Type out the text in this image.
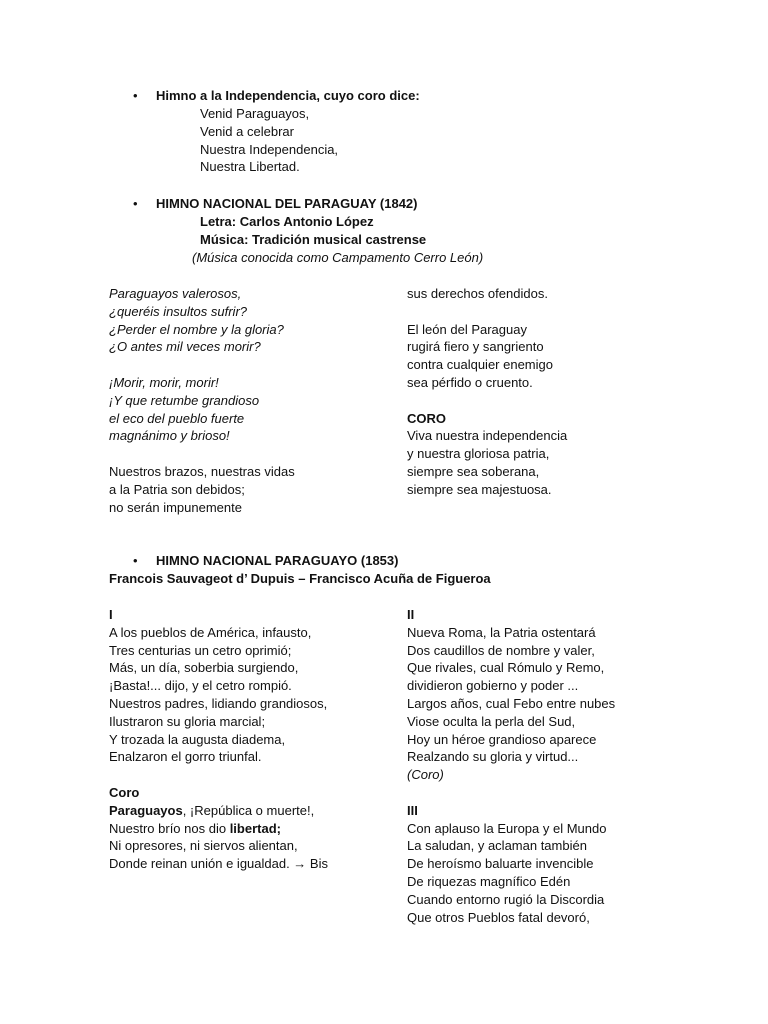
• Himno a la Independencia, cuyo coro dice:
Venid Paraguayos,
Venid a celebrar
Nuestra Independencia,
Nuestra Libertad.
• HIMNO NACIONAL DEL PARAGUAY (1842)
Letra: Carlos Antonio López
Música: Tradición musical castrense
(Música conocida como Campamento Cerro León)
Paraguayos valerosos,
¿queréis insultos sufrir?
¿Perder el nombre y la gloria?
¿O antes mil veces morir?
¡Morir, morir, morir!
¡Y que retumbe grandioso
el eco del pueblo fuerte
magnánimo y brioso!
Nuestros brazos, nuestras vidas
a la Patria son debidos;
no serán impunemente
sus derechos ofendidos.
El león del Paraguay
rugirá fiero y sangriento
contra cualquier enemigo
sea pérfido o cruento.
CORO
Viva nuestra independencia
y nuestra gloriosa patria,
siempre sea soberana,
siempre sea majestuosa.
• HIMNO NACIONAL PARAGUAYO (1853)
Francois Sauvageot d’ Dupuis – Francisco Acuña de Figueroa
I
A los pueblos de América, infausto,
Tres centurias un cetro oprimió;
Más, un día, soberbia surgiendo,
¡Basta!... dijo, y el cetro rompió.
Nuestros padres, lidiando grandiosos,
Ilustraron su gloria marcial;
Y trozada la augusta diadema,
Enalzaron el gorro triunfal.
Coro
Paraguayos, ¡República o muerte!,
Nuestro brío nos dio libertad;
Ni opresores, ni siervos alientan,
Donde reinan unión e igualdad. → Bis
II
Nueva Roma, la Patria ostentará
Dos caudillos de nombre y valer,
Que rivales, cual Rómulo y Remo,
dividieron gobierno y poder ...
Largos años, cual Febo entre nubes
Viose oculta la perla del Sud,
Hoy un héroe grandioso aparece
Realzando su gloria y virtud...
(Coro)
III
Con aplauso la Europa y el Mundo
La saludan, y aclaman también
De heroísmo baluarte invencible
De riquezas magnífico Edén
Cuando entorno rugió la Discordia
Que otros Pueblos fatal devoró,
